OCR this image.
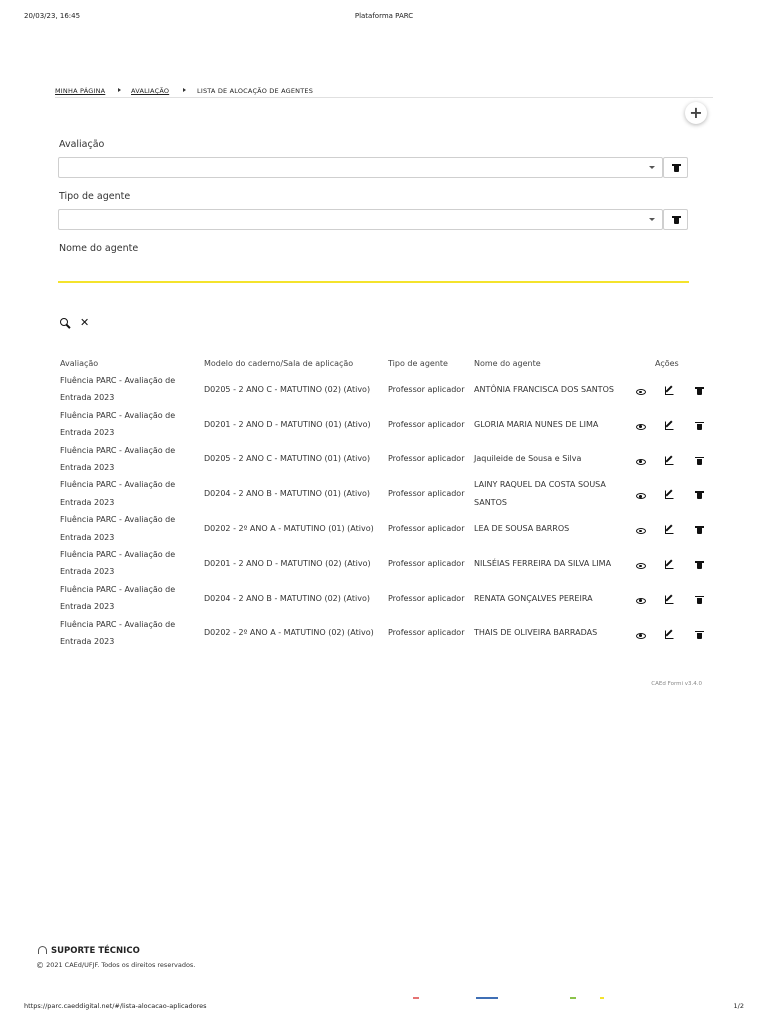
20/03/23, 16:45	Plataforma PARC
MINHA PÁGINA	AVALIAÇÃO	LISTA DE ALOCAÇÃO DE AGENTES
+
Avaliação
Tipo de agente
Nome do agente
✕
Avaliação	Modelo do caderno/Sala de aplicação	Tipo de agente	Nome do agente	Ações
Fluência PARC - Avaliação de Entrada 2023	D0205 - 2 ANO C - MATUTINO (02) (Ativo)	Professor aplicador	ANTÔNIA FRANCISCA DOS SANTOS	

Fluência PARC - Avaliação de Entrada 2023	D0201 - 2 ANO D - MATUTINO (01) (Ativo)	Professor aplicador	GLORIA MARIA NUNES DE LIMA	

Fluência PARC - Avaliação de Entrada 2023	D0205 - 2 ANO C - MATUTINO (01) (Ativo)	Professor aplicador	Jaquileide de Sousa e Silva	

Fluência PARC - Avaliação de Entrada 2023	D0204 - 2 ANO B - MATUTINO (01) (Ativo)	Professor aplicador	LAINY RAQUEL DA COSTA SOUSA SANTOS	

Fluência PARC - Avaliação de Entrada 2023	D0202 - 2º ANO A - MATUTINO (01) (Ativo)	Professor aplicador	LEA DE SOUSA BARROS	

Fluência PARC - Avaliação de Entrada 2023	D0201 - 2 ANO D - MATUTINO (02) (Ativo)	Professor aplicador	NILSÉIAS FERREIRA DA SILVA LIMA	

Fluência PARC - Avaliação de Entrada 2023	D0204 - 2 ANO B - MATUTINO (02) (Ativo)	Professor aplicador	RENATA GONÇALVES PEREIRA	

Fluência PARC - Avaliação de Entrada 2023	D0202 - 2º ANO A - MATUTINO (02) (Ativo)	Professor aplicador	THAIS DE OLIVEIRA BARRADAS	
CAEd Formi v3.4.0
SUPORTE TÉCNICO
© 2021 CAEd/UFJF. Todos os direitos reservados.
https://parc.caeddigital.net/#/lista-alocacao-aplicadores	1/2
